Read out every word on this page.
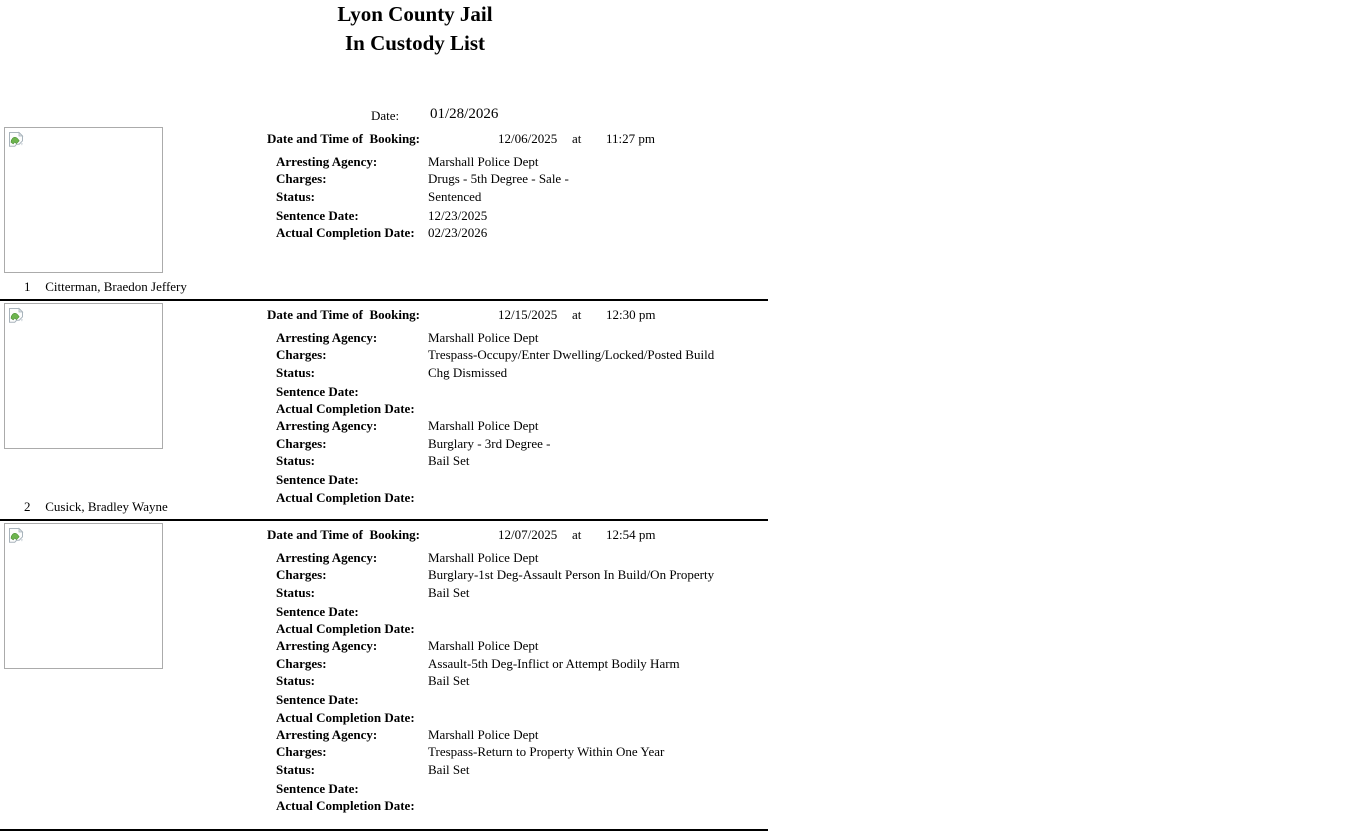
Lyon County Jail
In Custody List
Date: 01/28/2026
Date and Time of  Booking:	12/06/2025	at	11:27 pm
Arresting Agency:	Marshall Police Dept
Charges:	Drugs - 5th Degree - Sale -
Status:	Sentenced
Sentence Date:	12/23/2025
Actual Completion Date:	02/23/2026
1 Citterman, Braedon Jeffery
Date and Time of  Booking:	12/15/2025	at	12:30 pm
Arresting Agency:	Marshall Police Dept
Charges:	Trespass-Occupy/Enter Dwelling/Locked/Posted Build
Status:	Chg Dismissed
Sentence Date:
Actual Completion Date:
Arresting Agency:	Marshall Police Dept
Charges:	Burglary - 3rd Degree -
Status:	Bail Set
Sentence Date:
Actual Completion Date:
2 Cusick, Bradley Wayne
Date and Time of  Booking:	12/07/2025	at	12:54 pm
Arresting Agency:	Marshall Police Dept
Charges:	Burglary-1st Deg-Assault Person In Build/On Property
Status:	Bail Set
Sentence Date:
Actual Completion Date:
Arresting Agency:	Marshall Police Dept
Charges:	Assault-5th Deg-Inflict or Attempt Bodily Harm
Status:	Bail Set
Sentence Date:
Actual Completion Date:
Arresting Agency:	Marshall Police Dept
Charges:	Trespass-Return to Property Within One Year
Status:	Bail Set
Sentence Date:
Actual Completion Date:
